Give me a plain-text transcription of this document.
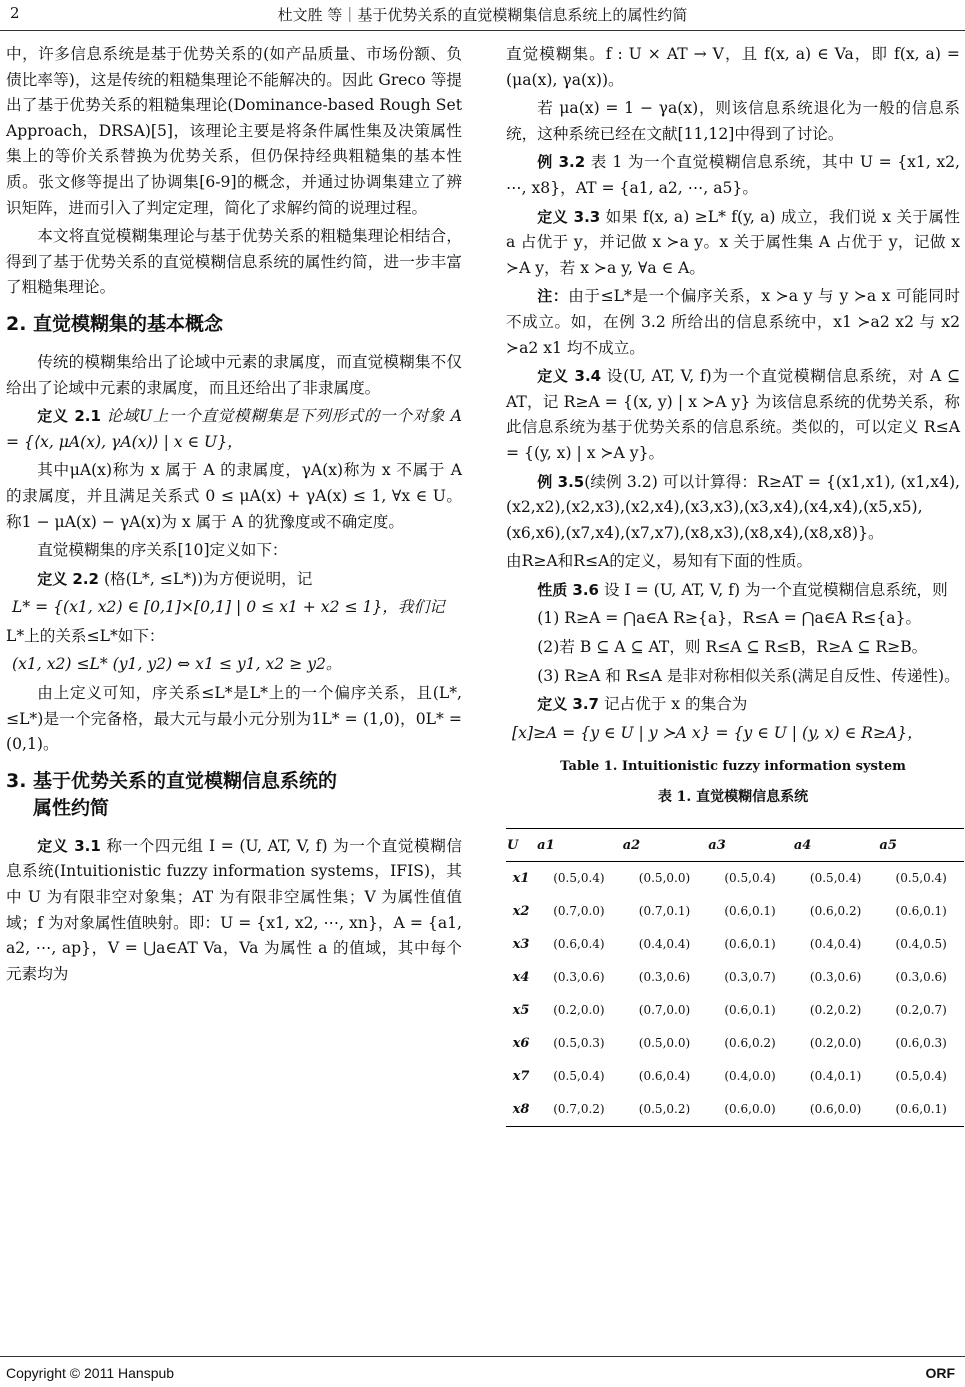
2	杜文胜 等｜基于优势关系的直觉模糊集信息系统上的属性约简

中，许多信息系统是基于优势关系的(如产品质量、市场份额、负债比率等)，这是传统的粗糙集理论不能解决的。因此 Greco 等提出了基于优势关系的粗糙集理论(Dominance-based Rough Set Approach，DRSA)[5]，该理论主要是将条件属性集及决策属性集上的等价关系替换为优势关系，但仍保持经典粗糙集的基本性质。张文修等提出了协调集[6-9]的概念，并通过协调集建立了辨识矩阵，进而引入了判定定理，简化了求解约简的说理过程。

本文将直觉模糊集理论与基于优势关系的粗糙集理论相结合，得到了基于优势关系的直觉模糊信息系统的属性约简，进一步丰富了粗糙集理论。

2. 直觉模糊集的基本概念

传统的模糊集给出了论域中元素的隶属度，而直觉模糊集不仅给出了论域中元素的隶属度，而且还给出了非隶属度。

定义 2.1 论域U上一个直觉模糊集是下列形式的一个对象 A = {⟨x, μA(x), γA(x)⟩ | x ∈ U}，

其中μA(x)称为 x 属于 A 的隶属度，γA(x)称为 x 不属于 A 的隶属度，并且满足关系式 0 ≤ μA(x) + γA(x) ≤ 1, ∀x ∈ U。称1 − μA(x) − γA(x)为 x 属于 A 的犹豫度或不确定度。

直觉模糊集的序关系[10]定义如下：

定义 2.2 (格(L*, ≤L*))为方便说明，记

L* = {(x1, x2) ∈ [0,1]×[0,1] | 0 ≤ x1 + x2 ≤ 1}，我们记

L*上的关系≤L*如下：

(x1, x2) ≤L* (y1, y2) ⇔ x1 ≤ y1, x2 ≥ y2。

由上定义可知，序关系≤L*是L*上的一个偏序关系，且(L*, ≤L*)是一个完备格，最大元与最小元分别为1L* = (1,0)，0L* = (0,1)。

3. 基于优势关系的直觉模糊信息系统的
属性约简

定义 3.1 称一个四元组 I = (U, AT, V, f) 为一个直觉模糊信息系统(Intuitionistic fuzzy information systems，IFIS)，其中 U 为有限非空对象集；AT 为有限非空属性集；V 为属性值值域；f 为对象属性值映射。即：U = {x1, x2, ⋯, xn}，A = {a1, a2, ⋯, ap}，V = ⋃a∈AT Va，Va 为属性 a 的值域，其中每个元素均为

直觉模糊集。f : U × AT → V，且 f(x, a) ∈ Va，即 f(x, a) = (μa(x), γa(x))。

若 μa(x) = 1 − γa(x)，则该信息系统退化为一般的信息系统，这种系统已经在文献[11,12]中得到了讨论。

例 3.2 表 1 为一个直觉模糊信息系统，其中 U = {x1, x2, ⋯, x8}，AT = {a1, a2, ⋯, a5}。

定义 3.3 如果 f(x, a) ≥L* f(y, a) 成立，我们说 x 关于属性 a 占优于 y，并记做 x ≻a y。x 关于属性集 A 占优于 y，记做 x ≻A y，若 x ≻a y, ∀a ∈ A。

注：由于≤L*是一个偏序关系，x ≻a y 与 y ≻a x 可能同时不成立。如，在例 3.2 所给出的信息系统中，x1 ≻a2 x2 与 x2 ≻a2 x1 均不成立。

定义 3.4 设(U, AT, V, f)为一个直觉模糊信息系统，对 A ⊆ AT，记 R≥A = {(x, y) | x ≻A y} 为该信息系统的优势关系，称此信息系统为基于优势关系的信息系统。类似的，可以定义 R≤A = {(y, x) | x ≻A y}。

例 3.5(续例 3.2) 可以计算得：R≥AT = {(x1,x1), (x1,x4),(x2,x2),(x2,x3),(x2,x4),(x3,x3),(x3,x4),(x4,x4),(x5,x5), (x6,x6),(x7,x4),(x7,x7),(x8,x3),(x8,x4),(x8,x8)}。

由R≥A和R≤A的定义，易知有下面的性质。

性质 3.6 设 I = (U, AT, V, f) 为一个直觉模糊信息系统，则

(1) R≥A = ⋂a∈A R≥{a}，R≤A = ⋂a∈A R≤{a}。

(2)若 B ⊆ A ⊆ AT，则 R≤A ⊆ R≤B，R≥A ⊆ R≥B。

(3) R≥A 和 R≤A 是非对称相似关系(满足自反性、传递性)。

定义 3.7 记占优于 x 的集合为

[x]≥A = {y ∈ U | y ≻A x} = {y ∈ U | (y, x) ∈ R≥A}，

Table 1. Intuitionistic fuzzy information system

表 1. 直觉模糊信息系统

U	a1	a2	a3	a4	a5
x1	(0.5,0.4)	(0.5,0.0)	(0.5,0.4)	(0.5,0.4)	(0.5,0.4)
x2	(0.7,0.0)	(0.7,0.1)	(0.6,0.1)	(0.6,0.2)	(0.6,0.1)
x3	(0.6,0.4)	(0.4,0.4)	(0.6,0.1)	(0.4,0.4)	(0.4,0.5)
x4	(0.3,0.6)	(0.3,0.6)	(0.3,0.7)	(0.3,0.6)	(0.3,0.6)
x5	(0.2,0.0)	(0.7,0.0)	(0.6,0.1)	(0.2,0.2)	(0.2,0.7)
x6	(0.5,0.3)	(0.5,0.0)	(0.6,0.2)	(0.2,0.0)	(0.6,0.3)
x7	(0.5,0.4)	(0.6,0.4)	(0.4,0.0)	(0.4,0.1)	(0.5,0.4)
x8	(0.7,0.2)	(0.5,0.2)	(0.6,0.0)	(0.6,0.0)	(0.6,0.1)
Copyright © 2011 Hanspub	ORF
